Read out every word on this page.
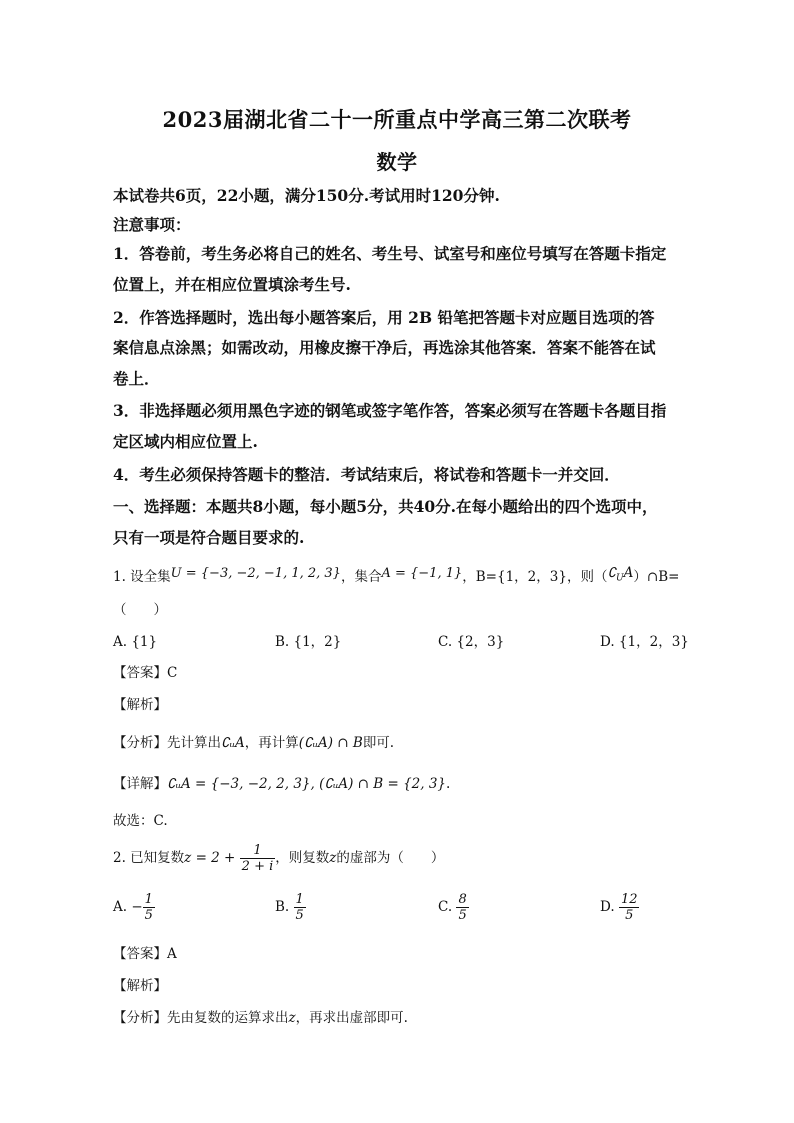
2023届湖北省二十一所重点中学高三第二次联考
数学
本试卷共6页，22小题，满分150分.考试用时120分钟.
注意事项：
1．答卷前，考生务必将自己的姓名、考生号、试室号和座位号填写在答题卡指定
位置上，并在相应位置填涂考生号.
2．作答选择题时，选出每小题答案后，用 2B 铅笔把答题卡对应题目选项的答
案信息点涂黑；如需改动，用橡皮擦干净后，再选涂其他答案．答案不能答在试
卷上．
3．非选择题必须用黑色字迹的钢笔或签字笔作答，答案必须写在答题卡各题目指
定区域内相应位置上.
4．考生必须保持答题卡的整洁．考试结束后，将试卷和答题卡一并交回．
一、选择题：本题共8小题，每小题5分，共40分.在每小题给出的四个选项中，
只有一项是符合题目要求的.
1. 设全集U = {−3, −2, −1, 1, 2, 3}，集合A = {−1, 1}，B={1，2，3}，则$(∁_UA)\cap B=$
（　　）
A. {1}	B. {1，2}	C. {2，3}	D. {1，2，3}
【答案】C
【解析】
【分析】先计算出∁ᵤA，再计算(∁ᵤA) ∩ B即可.
【详解】∁ᵤA = {−3, −2, 2, 3}, (∁ᵤA) ∩ B = {2, 3}.
故选：C.
2. 已知复数$z = 2 + \frac{1}{2 + i}$ ，则复数z的虚部为（　　）
A. − $\frac{1}{5}$	B. $\frac{1}{5}$	C. $\frac{8}{5}$	D. $\frac{12}{5}$
【答案】A
【解析】
【分析】先由复数的运算求出z，再求出虚部即可.
